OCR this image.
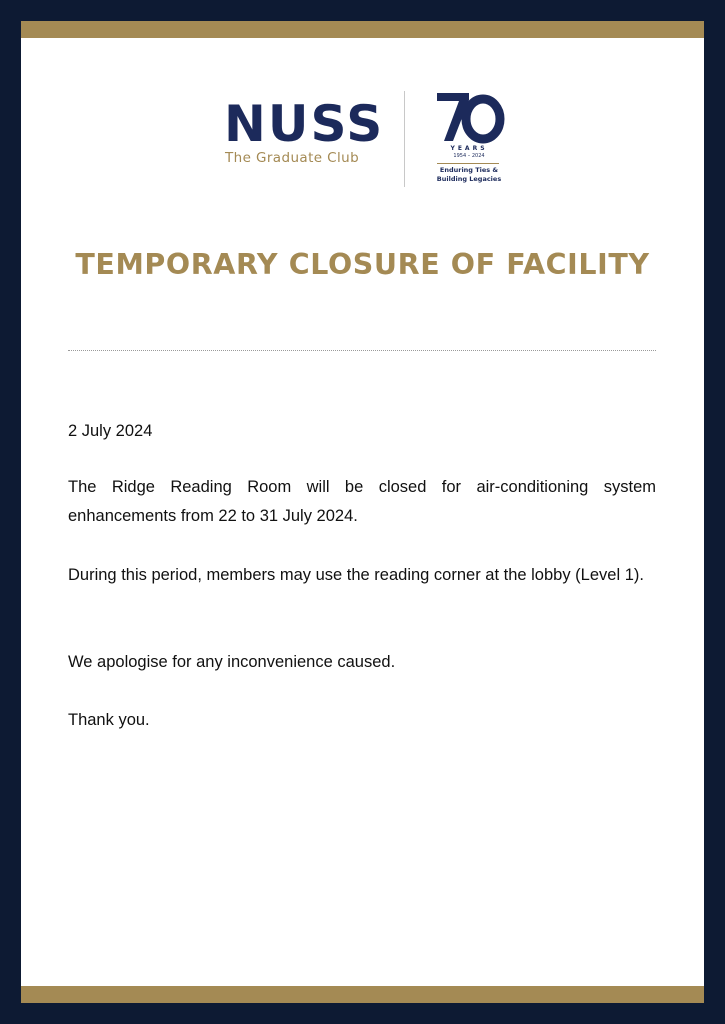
NUSS
The Graduate Club
YEARS
1954 – 2024
Enduring Ties &
Building Legacies
TEMPORARY CLOSURE OF FACILITY

2 July 2024

The Ridge Reading Room will be closed for air-conditioning system enhancements from 22 to 31 July 2024.

During this period, members may use the reading corner at the lobby (Level 1).

We apologise for any inconvenience caused.

Thank you.
